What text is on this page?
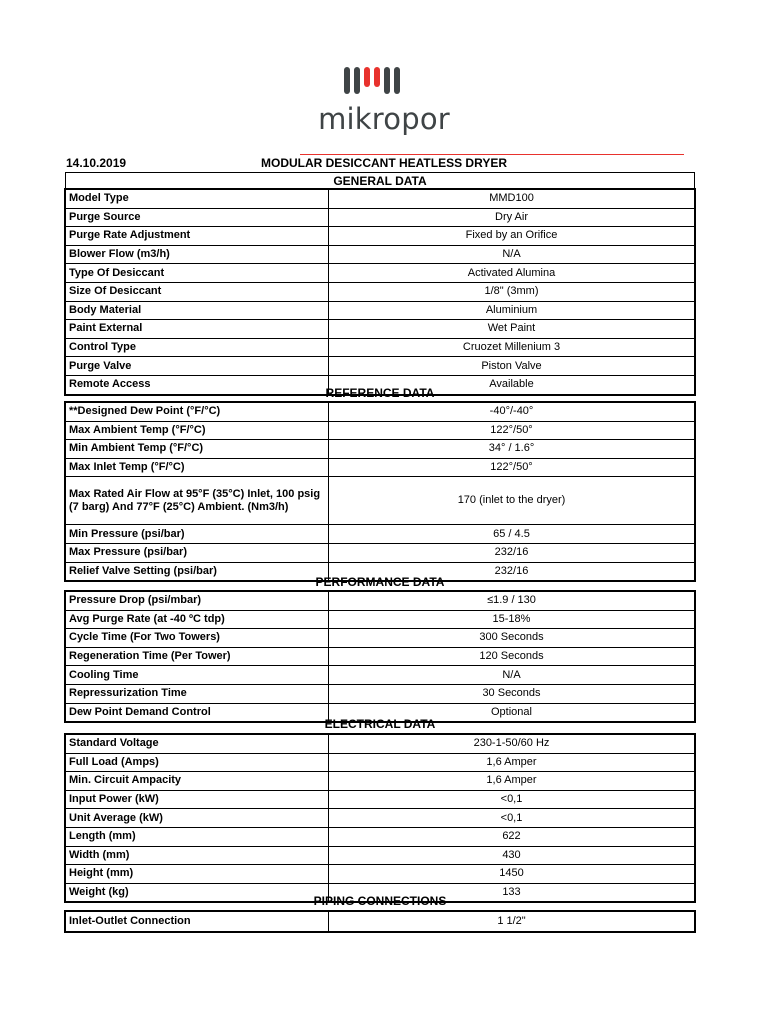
mikropor
14.10.2019	MODULAR DESICCANT HEATLESS DRYER
GENERAL DATA
Model Type	MMD100
Purge Source	Dry Air
Purge Rate Adjustment	Fixed by an Orifice
Blower Flow (m3/h)	N/A
Type Of Desiccant	Activated Alumina
Size Of Desiccant	1/8" (3mm)
Body Material	Aluminium
Paint External	Wet Paint
Control Type	Cruozet Millenium 3
Purge Valve	Piston Valve
Remote Access	Available
REFERENCE DATA
**Designed Dew Point (°F/°C)	-40°/-40°
Max Ambient Temp (°F/°C)	122°/50°
Min Ambient Temp (°F/°C)	34° / 1.6°
Max Inlet Temp (°F/°C)	122°/50°
Max Rated Air Flow at 95°F (35°C) Inlet, 100 psig (7 barg) And 77°F (25°C) Ambient. (Nm3/h)	170 (inlet to the dryer)
Min Pressure (psi/bar)	65 / 4.5
Max Pressure (psi/bar)	232/16
Relief Valve Setting (psi/bar)	232/16
PERFORMANCE DATA
Pressure Drop (psi/mbar)	≤1.9 / 130
Avg Purge Rate (at -40 ºC tdp)	15-18%
Cycle Time (For Two Towers)	300 Seconds
Regeneration Time (Per Tower)	120 Seconds
Cooling Time	N/A
Repressurization Time	30 Seconds
Dew Point Demand Control	Optional
ELECTRICAL DATA
Standard Voltage	230-1-50/60 Hz
Full Load (Amps)	1,6 Amper
Min. Circuit Ampacity	1,6 Amper
Input Power (kW)	<0,1
Unit Average (kW)	<0,1
Length (mm)	622
Width (mm)	430
Height (mm)	1450
Weight (kg)	133
PIPING CONNECTIONS
Inlet-Outlet Connection	1 1/2"
